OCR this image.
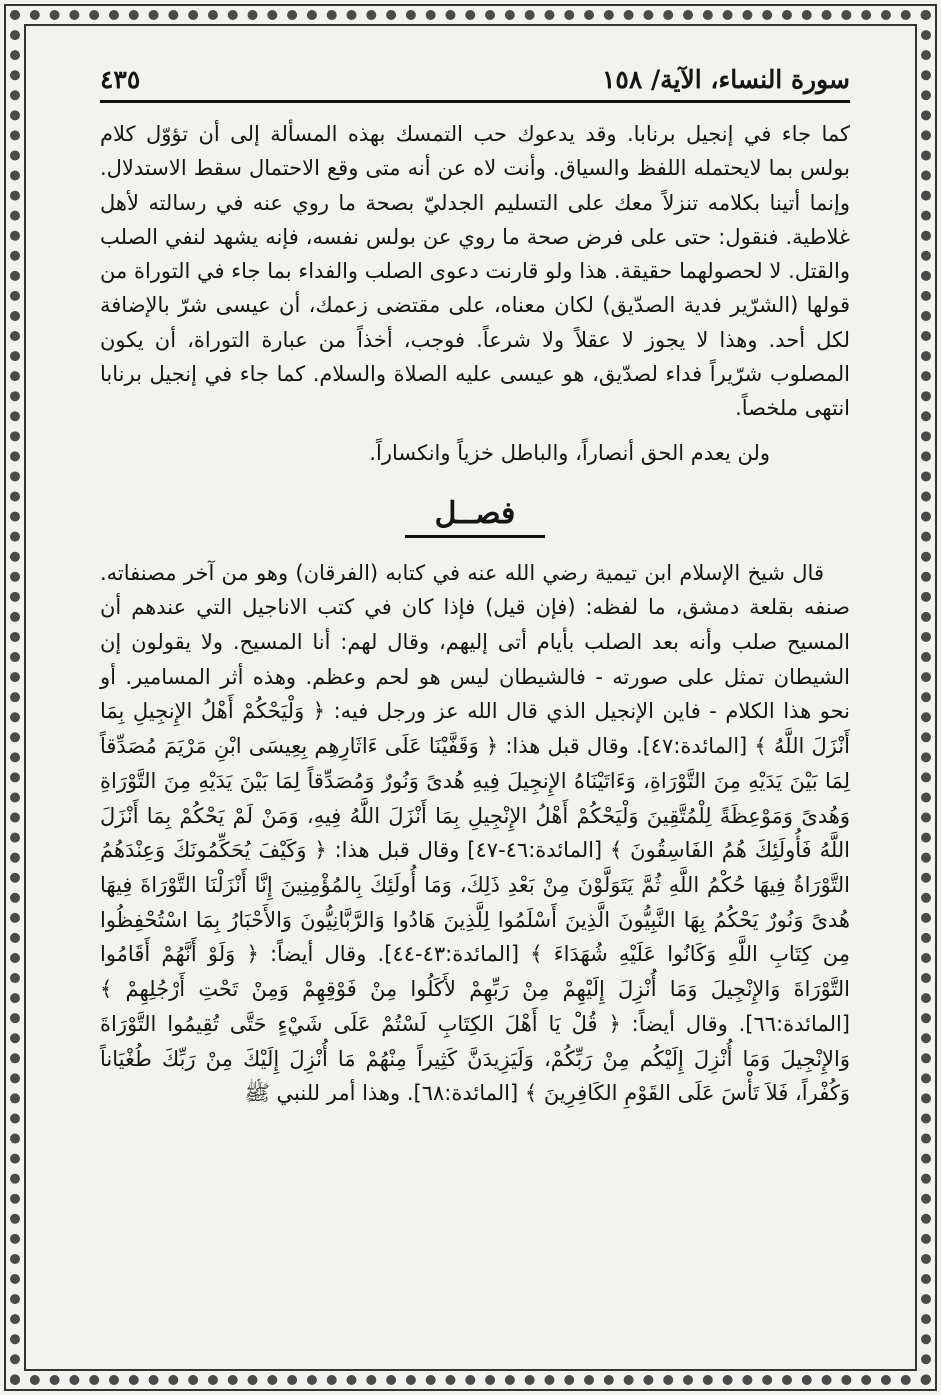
سورة النساء، الآية/ ١٥٨
٤٣٥

كما جاء في إنجيل برنابا. وقد يدعوك حب التمسك بهذه المسألة إلى أن تؤوّل كلام بولس بما لايحتمله اللفظ والسياق. وأنت لاه عن أنه متى وقع الاحتمال سقط الاستدلال. وإنما أتينا بكلامه تنزلاً معك على التسليم الجدليّ بصحة ما روي عنه في رسالته لأهل غلاطية. فنقول: حتى على فرض صحة ما روي عن بولس نفسه، فإنه يشهد لنفي الصلب والقتل. لا لحصولهما حقيقة. هذا ولو قارنت دعوى الصلب والفداء بما جاء في التوراة من قولها (الشرّير فدية الصدّيق) لكان معناه، على مقتضى زعمك، أن عيسى شرّ بالإضافة لكل أحد. وهذا لا يجوز لا عقلاً ولا شرعاً. فوجب، أخذاً من عبارة التوراة، أن يكون المصلوب شرّيراً فداء لصدّيق، هو عيسى عليه الصلاة والسلام. كما جاء في إنجيل برنابا انتهى ملخصاً.

ولن يعدم الحق أنصاراً، والباطل خزياً وانكساراً.

فصــل

قال شيخ الإسلام ابن تيمية رضي الله عنه في كتابه (الفرقان) وهو من آخر مصنفاته. صنفه بقلعة دمشق، ما لفظه: (فإن قيل) فإذا كان في كتب الاناجيل التي عندهم أن المسيح صلب وأنه بعد الصلب بأيام أتى إليهم، وقال لهم: أنا المسيح. ولا يقولون إن الشيطان تمثل على صورته - فالشيطان ليس هو لحم وعظم. وهذه أثر المسامير. أو نحو هذا الكلام - فاين الإنجيل الذي قال الله عز ورجل فيه: ﴿ وَلْيَحْكُمْ أَهْلُ الإِنجِيلِ بِمَا أَنْزَلَ اللَّهُ ﴾ [المائدة:٤٧]. وقال قبل هذا: ﴿ وَقَفَّيْنَا عَلَى ءَاثَارِهِم بِعِيسَى ابْنِ مَرْيَمَ مُصَدِّقاً لِمَا بَيْنَ يَدَيْهِ مِنَ التَّوْرَاةِ، وَءَاتَيْنَاهُ الإِنجِيلَ فِيهِ هُدىً وَنُورٌ وَمُصَدِّقاً لِمَا بَيْنَ يَدَيْهِ مِنَ التَّوْرَاةِ وَهُدىً وَمَوْعِظَةً لِلْمُتَّقِينَ وَلْيَحْكُمْ أَهْلُ الإِنْجِيلِ بِمَا أَنْزَلَ اللَّهُ فِيهِ، وَمَنْ لَمْ يَحْكُمْ بِمَا أَنْزَلَ اللَّهُ فَأُولَئِكَ هُمُ الفَاسِقُونَ ﴾ [المائدة:٤٦-٤٧] وقال قبل هذا: ﴿ وَكَيْفَ يُحَكِّمُونَكَ وَعِنْدَهُمُ التَّوْرَاةُ فِيهَا حُكْمُ اللَّهِ ثُمَّ يَتَوَلَّوْنَ مِنْ بَعْدِ ذَلِكَ، وَمَا أُولَئِكَ بِالمُؤْمِنِينَ إِنَّا أَنْزَلْنَا التَّوْرَاةَ فِيهَا هُدىً وَنُورٌ يَحْكُمُ بِهَا النَّبِيُّونَ الَّذِينَ أَسْلَمُوا لِلَّذِينَ هَادُوا وَالرَّبَّانِيُّونَ وَالأَحْبَارُ بِمَا اسْتُحْفِظُوا مِن كِتَابِ اللَّهِ وَكَانُوا عَلَيْهِ شُهَدَاءَ ﴾ [المائدة:٤٣-٤٤]. وقال أيضاً: ﴿ وَلَوْ أَنَّهُمْ أَقَامُوا التَّوْرَاةَ وَالإِنْجِيلَ وَمَا أُنْزِلَ إِلَيْهِمْ مِنْ رَبِّهِمْ لأَكَلُوا مِنْ فَوْقِهِمْ وَمِنْ تَحْتِ أَرْجُلِهِمْ ﴾ [المائدة:٦٦]. وقال أيضاً: ﴿ قُلْ يَا أَهْلَ الكِتَابِ لَسْتُمْ عَلَى شَيْءٍ حَتَّى تُقِيمُوا التَّوْرَاةَ وَالإِنْجِيلَ وَمَا أُنْزِلَ إِلَيْكُم مِنْ رَبِّكُمْ، وَلَيَزِيدَنَّ كَثِيراً مِنْهُمْ مَا أُنْزِلَ إِلَيْكَ مِنْ رَبِّكَ طُغْيَاناً وَكُفْراً، فَلاَ تَأْسَ عَلَى القَوْمِ الكَافِرِينَ ﴾ [المائدة:٦٨]. وهذا أمر للنبي ﷺ
